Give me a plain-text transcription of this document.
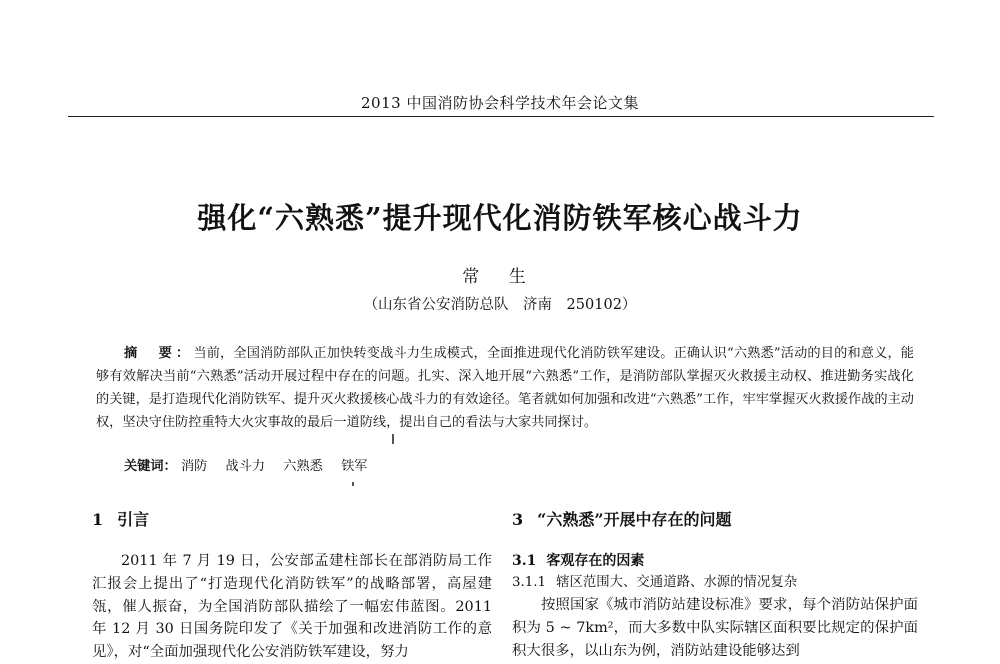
2013 中国消防协会科学技术年会论文集
强化“六熟悉”提升现代化消防铁军核心战斗力
常 生
（山东省公安消防总队　济南　250102）
摘　要：当前，全国消防部队正加快转变战斗力生成模式，全面推进现代化消防铁军建设。正确认识“六熟悉”活动的目的和意义，能够有效解决当前“六熟悉”活动开展过程中存在的问题。扎实、深入地开展“六熟悉”工作，是消防部队掌握灭火救援主动权、推进勤务实战化的关键，是打造现代化消防铁军、提升灭火救援核心战斗力的有效途径。笔者就如何加强和改进“六熟悉”工作，牢牢掌握灭火救援作战的主动权，坚决守住防控重特大火灾事故的最后一道防线，提出自己的看法与大家共同探讨。
关键词： 消防 战斗力 六熟悉 铁军
1 引言

2011 年 7 月 19 日，公安部孟建柱部长在部消防局工作汇报会上提出了“打造现代化消防铁军”的战略部署，高屋建瓴，催人振奋，为全国消防部队描绘了一幅宏伟蓝图。2011 年 12 月 30 日国务院印发了《关于加强和改进消防工作的意见》，对“全面加强现代化公安消防铁军建设，努力

3 “六熟悉”开展中存在的问题
3.1 客观存在的因素
3.1.1 辖区范围大、交通道路、水源的情况复杂

按照国家《城市消防站建设标准》要求，每个消防站保护面积为 5 ~ 7km²，而大多数中队实际辖区面积要比规定的保护面积大很多，以山东为例，消防站建设能够达到
